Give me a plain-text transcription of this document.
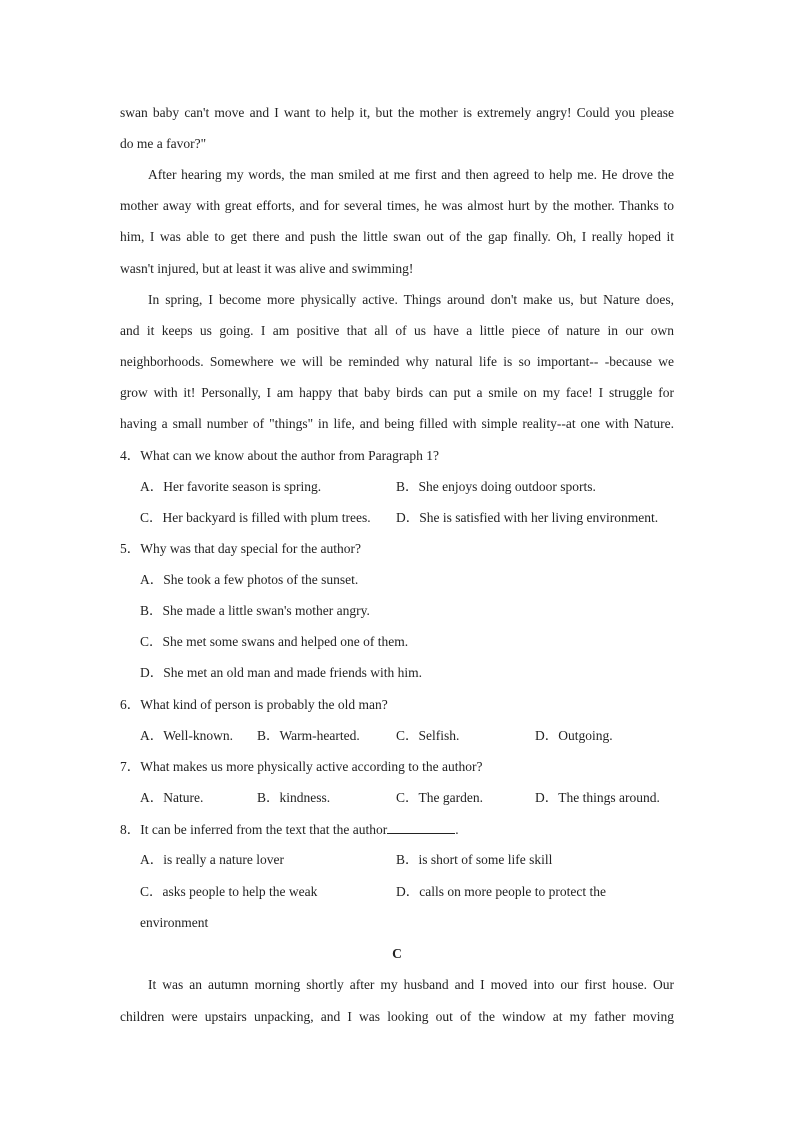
swan baby can't move and I want to help it, but the mother is extremely angry! Could you please
do me a favor?"
After hearing my words, the man smiled at me first and then agreed to help me. He drove the
mother away with great efforts, and for several times, he was almost hurt by the mother. Thanks to
him, I was able to get there and push the little swan out of the gap finally. Oh, I really hoped it
wasn't injured, but at least it was alive and swimming!
In spring, I become more physically active. Things around don't make us, but Nature does,
and it keeps us going. I am positive that all of us have a little piece of nature in our own
neighborhoods. Somewhere we will be reminded why natural life is so important-- -because we
grow with it! Personally, I am happy that baby birds can put a smile on my face! I struggle for
having a small number of "things" in life, and being filled with simple reality--at one with Nature.
4．What can we know about the author from Paragraph 1?
A．Her favorite season is spring.	B．She enjoys doing outdoor sports.
C．Her backyard is filled with plum trees. D．She is satisfied with her living environment.
5．Why was that day special for the author?
A．She took a few photos of the sunset.
B．She made a little swan's mother angry.
C．She met some swans and helped one of them.
D．She met an old man and made friends with him.
6．What kind of person is probably the old man?
A．Well-known. B．Warm-hearted.	C．Selfish.	D．Outgoing.
7．What makes us more physically active according to the author?
A．Nature.	B．kindness.	C．The garden.	D．The things around.
8．It can be inferred from the text that the author	.
A．is really a nature lover	B．is short of some life skill
C．asks people to help the weak	D．calls on more people to protect the
environment
C
It was an autumn morning shortly after my husband and I moved into our first house. Our
children were upstairs unpacking, and I was looking out of the window at my father moving
